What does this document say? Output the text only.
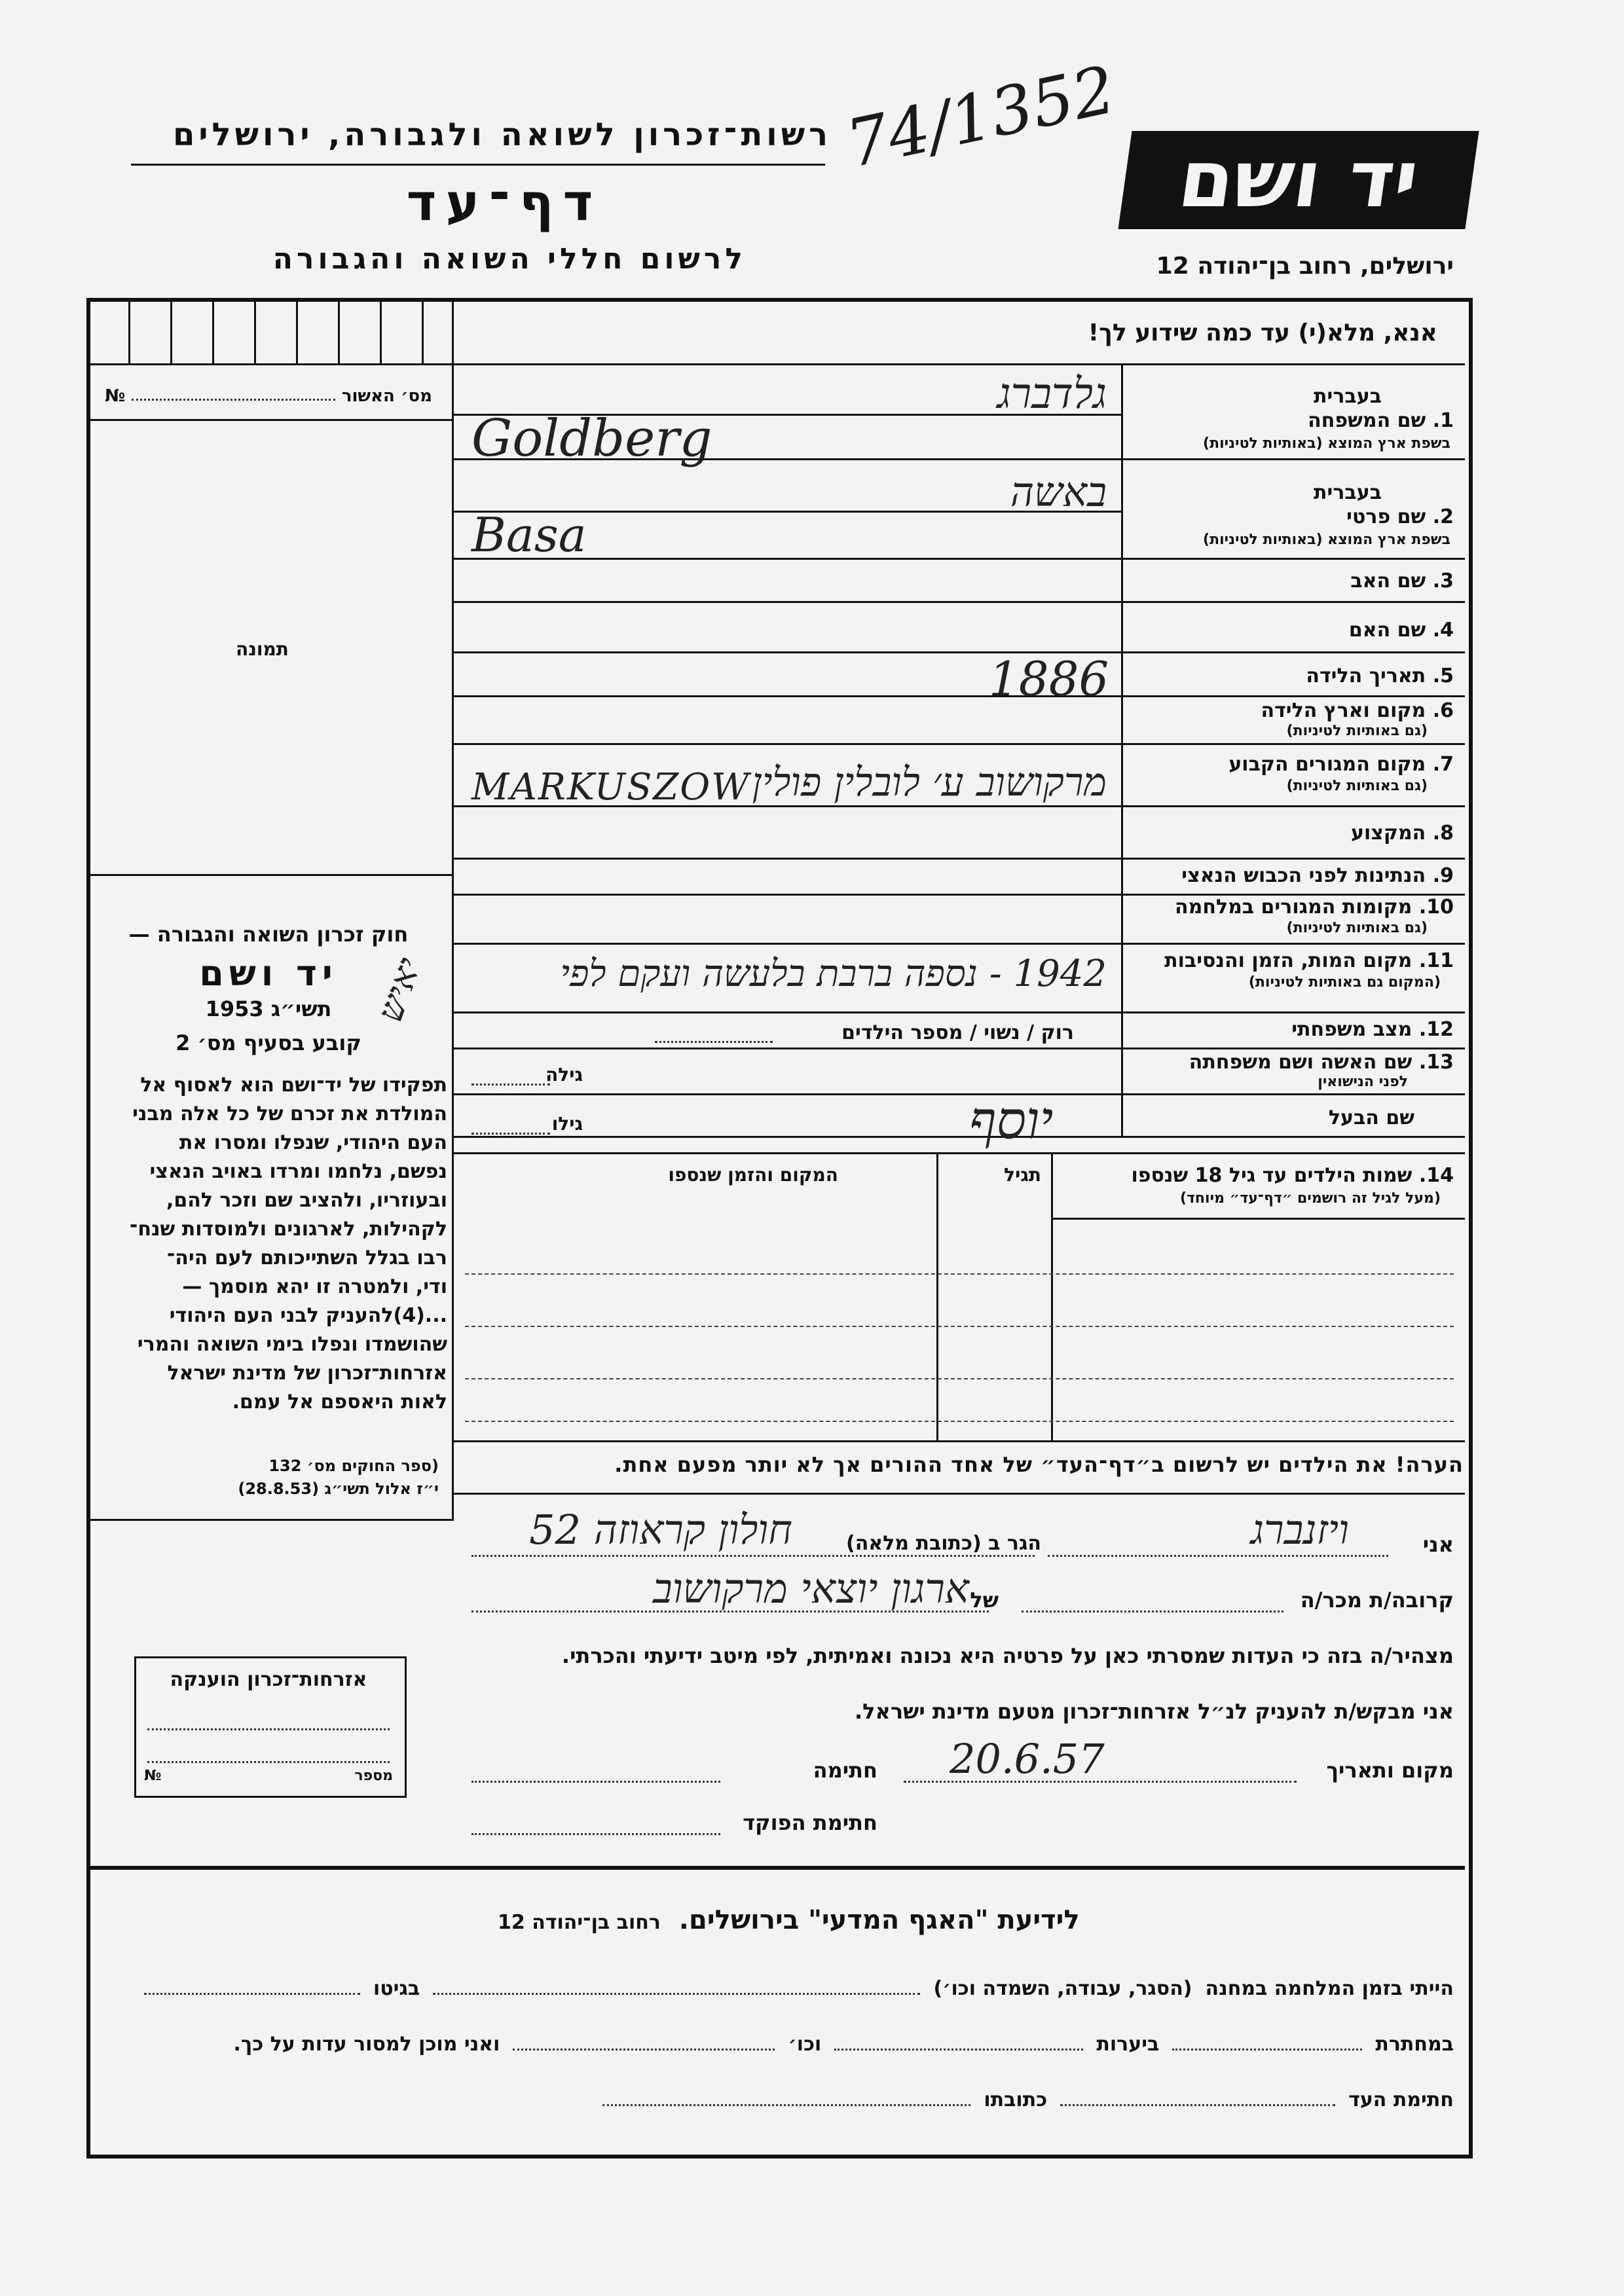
רשות־זכרון לשואה ולגבורה, ירושלים
דף־עד
לרשום חללי השואה והגבורה
74/1352 יד ושם
ירושלים, רחוב בן־יהודה 12
אנא, מלא(י) עד כמה שידוע לך!
מס׳ האשור
№
תמונה
חוק זכרון השואה והגבורה —
יד ושם
תשי״ג 1953
קובע בסעיף מס׳ 2
תפקידו של יד־ושם הוא לאסוף אל
המולדת את זכרם של כל אלה מבני
העם היהודי, שנפלו ומסרו את
נפשם, נלחמו ומרדו באויב הנאצי
ובעוזריו, ולהציב שם וזכר להם,
לקהילות, לארגונים ולמוסדות שנח־
רבו בגלל השתייכותם לעם היה־
ודי, ולמטרה זו יהא מוסמך —
...(4)להעניק לבני העם היהודי
שהושמדו ונפלו בימי השואה והמרי
אזרחות־זכרון של מדינת ישראל
לאות היאספם אל עמם.
(ספר החוקים מס׳ 132
י״ז אלול תשי״ג (28.8.53)
בעברית
1. שם המשפחה
בשפת ארץ המוצא (באותיות לטיניות)
בעברית
2. שם פרטי
בשפת ארץ המוצא (באותיות לטיניות)
3. שם האב
4. שם האם
5. תאריך הלידה
6. מקום וארץ הלידה
(גם באותיות לטיניות)
7. מקום המגורים הקבוע
(גם באותיות לטיניות)
8. המקצוע
9. הנתינות לפני הכבוש הנאצי
10. מקומות המגורים במלחמה
(גם באותיות לטיניות)
11. מקום המות, הזמן והנסיבות
(המקום גם באותיות לטיניות)
12. מצב משפחתי
13. שם האשה ושם משפחתה
לפני הנישואין
שם הבעל
רוק / נשוי / מספר הילדים
גילה
גילו
גלדברג
Goldberg
באשה
Basa
1886
מרקושוב ע׳ לובלין פולין
MARKUSZOW
1942 - נספה ברבת בלעשה ועקם לפי
יאיש
יוסף
14. שמות הילדים עד גיל 18 שנספו
(מעל לגיל זה רושמים ״דף־עד״ מיוחד)
תגיל
המקום והזמן שנספו
הערה! את הילדים יש לרשום ב״דף־העד״ של אחד ההורים אך לא יותר מפעם אחת.
אני
ויזנברג
הגר ב (כתובת מלאה)
חולון קראוזה 52
קרובה/ת מכר/ה
של
ארגון יוצאי מרקושוב
מצהיר/ה בזה כי העדות שמסרתי כאן על פרטיה היא נכונה ואמיתית, לפי מיטב ידיעתי והכרתי.
אני מבקש/ת להעניק לנ״ל אזרחות־זכרון מטעם מדינת ישראל.
מקום ותאריך
20.6.57
חתימה
חתימת הפוקד
אזרחות־זכרון הוענקה
מספר
№
לידיעת "האגף המדעי" בירושלים.  רחוב בן־יהודה 12
הייתי בזמן המלחמה במחנה
(הסגר, עבודה, השמדה וכו׳)
בגיטו
במחתרת
ביערות
וכו׳
ואני מוכן למסור עדות על כך.
חתימת העד
כתובתו
